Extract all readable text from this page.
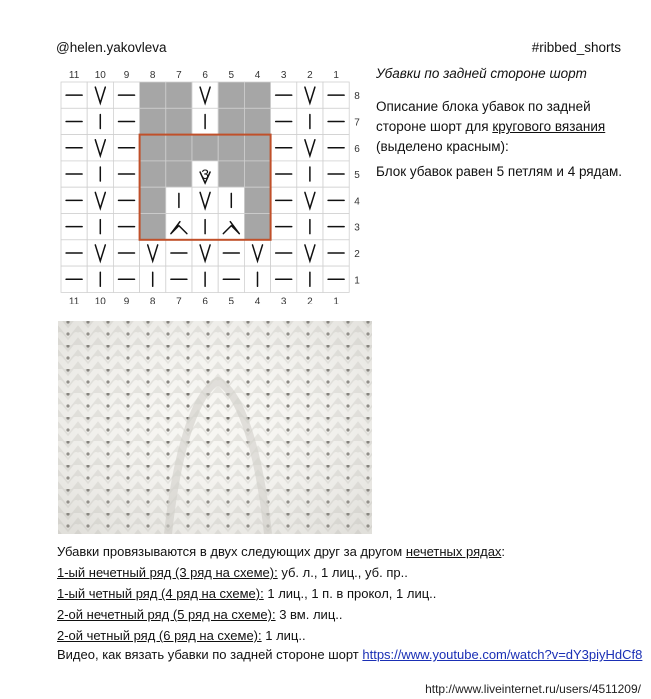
@helen.yakovleva	#ribbed_shorts
3
11
11
10
10
9
9
8
8
7
7
6
6
5
5
4
4
3
3
2
2
1
1
8
7
6
5
4
3
2
1
Убавки по задней стороне шорт
Описание блока убавок по задней стороне шорт для кругового вязания (выделено красным):
Блок убавок равен 5 петлям и 4 рядам.
Убавки провязываются в двух следующих друг за другом нечетных рядах:
1-ый нечетный ряд (3 ряд на схеме): уб. л., 1 лиц., уб. пр..
1-ый четный ряд (4 ряд на схеме): 1 лиц., 1 п. в прокол, 1 лиц..
2-ой нечетный ряд (5 ряд на схеме): 3 вм. лиц..
2-ой четный ряд (6 ряд на схеме): 1 лиц..
Видео, как вязать убавки по задней стороне шорт https://www.youtube.com/watch?v=dY3piyHdCf8
http://www.liveinternet.ru/users/4511209/
